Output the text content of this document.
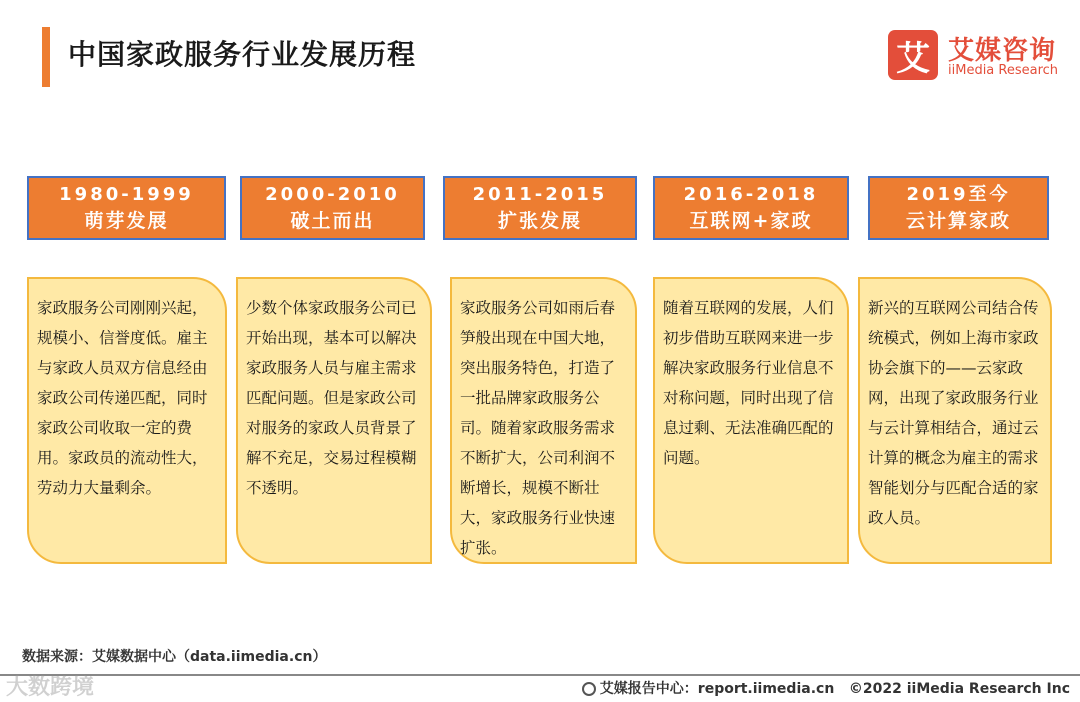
中国家政服务行业发展历程	艾 艾媒咨询
iiMedia Research
1980-1999
萌芽发展
2000-2010
破土而出
2011-2015
扩张发展
2016-2018
互联网+家政
2019至今
云计算家政
家政服务公司刚刚兴起，规模小、信誉度低。雇主与家政人员双方信息经由家政公司传递匹配，同时家政公司收取一定的费用。家政员的流动性大，劳动力大量剩余。
少数个体家政服务公司已开始出现，基本可以解决家政服务人员与雇主需求匹配问题。但是家政公司对服务的家政人员背景了解不充足，交易过程模糊不透明。
家政服务公司如雨后春笋般出现在中国大地，突出服务特色，打造了一批品牌家政服务公司。随着家政服务需求不断扩大，公司利润不断增长，规模不断壮大，家政服务行业快速扩张。
随着互联网的发展，人们初步借助互联网来进一步解决家政服务行业信息不对称问题，同时出现了信息过剩、无法准确匹配的问题。
新兴的互联网公司结合传统模式，例如上海市家政协会旗下的——云家政网，出现了家政服务行业与云计算相结合，通过云计算的概念为雇主的需求智能划分与匹配合适的家政人员。
数据来源：艾媒数据中心（data.iimedia.cn）
大数跨境	艾媒报告中心：report.iimedia.cn ©2022 iiMedia Research Inc
